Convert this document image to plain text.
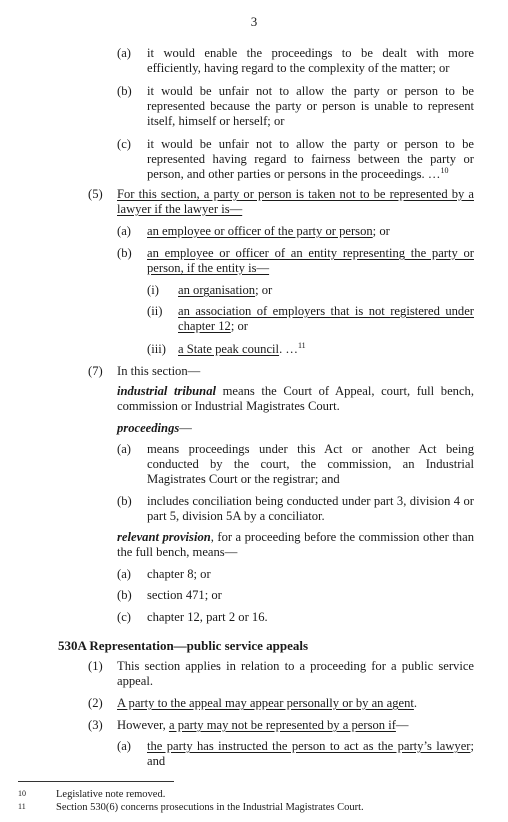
3
(a) it would enable the proceedings to be dealt with more efficiently, having regard to the complexity of the matter; or
(b) it would be unfair not to allow the party or person to be represented because the party or person is unable to represent itself, himself or herself; or
(c) it would be unfair not to allow the party or person to be represented having regard to fairness between the party or person, and other parties or persons in the proceedings. …$^{10}$
(5) For this section, a party or person is taken not to be represented by a lawyer if the lawyer is—
(a) an employee or officer of the party or person; or
(b) an employee or officer of an entity representing the party or person, if the entity is—
(i) an organisation; or
(ii) an association of employers that is not registered under chapter 12; or
(iii) a State peak council. …$^{11}$
(7) In this section—
industrial tribunal means the Court of Appeal, court, full bench, commission or Industrial Magistrates Court.
proceedings—
(a) means proceedings under this Act or another Act being conducted by the court, the commission, an Industrial Magistrates Court or the registrar; and
(b) includes conciliation being conducted under part 3, division 4 or part 5, division 5A by a conciliator.
relevant provision, for a proceeding before the commission other than the full bench, means—
(a) chapter 8; or
(b) section 471; or
(c) chapter 12, part 2 or 16.
530A Representation—public service appeals
(1) This section applies in relation to a proceeding for a public service appeal.
(2) A party to the appeal may appear personally or by an agent.
(3) However, a party may not be represented by a person if—
(a) the party has instructed the person to act as the party’s lawyer; and
10	Legislative note removed.
11	Section 530(6) concerns prosecutions in the Industrial Magistrates Court.
